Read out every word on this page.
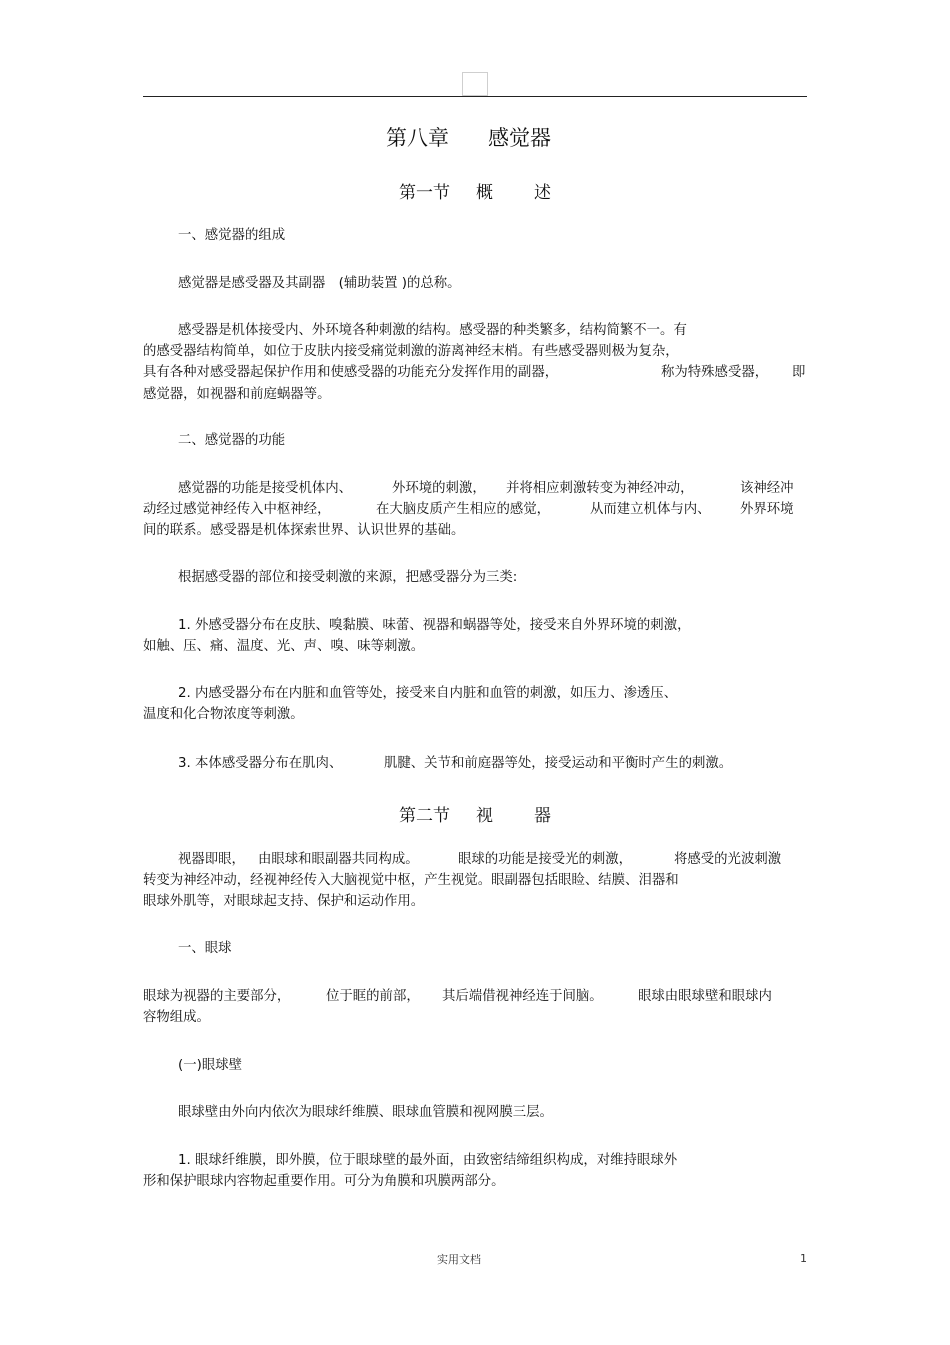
第八章 感觉器
第一节 概 述
一、感觉器的组成
感觉器是感受器及其副器　(辅助装置 )的总称。
感受器是机体接受内、外环境各种刺激的结构。感受器的种类繁多，结构简繁不一。有
的感受器结构简单，如位于皮肤内接受痛觉刺激的游离神经末梢。有些感受器则极为复杂，
具有各种对感受器起保护作用和使感受器的功能充分发挥作用的副器，	称为特殊感受器， 即
感觉器，如视器和前庭蜗器等。
二、感觉器的功能
感觉器的功能是接受机体内、	外环境的刺激， 并将相应刺激转变为神经冲动，	该神经冲
动经过感觉神经传入中枢神经，	在大脑皮质产生相应的感觉，	从而建立机体与内、 外界环境
间的联系。感受器是机体探索世界、认识世界的基础。
根据感受器的部位和接受刺激的来源，把感受器分为三类:
1. 外感受器分布在皮肤、嗅黏膜、味蕾、视器和蜗器等处，接受来自外界环境的刺激，
如触、压、痛、温度、光、声、嗅、味等刺激。
2. 内感受器分布在内脏和血管等处，接受来自内脏和血管的刺激，如压力、渗透压、
温度和化合物浓度等刺激。
3. 本体感受器分布在肌肉、	肌腱、关节和前庭器等处，接受运动和平衡时产生的刺激。
第二节 视 器
视器即眼， 由眼球和眼副器共同构成。	眼球的功能是接受光的刺激，	将感受的光波刺激
转变为神经冲动，经视神经传入大脑视觉中枢，产生视觉。眼副器包括眼睑、结膜、泪器和
眼球外肌等，对眼球起支持、保护和运动作用。
一、眼球
眼球为视器的主要部分，	位于眶的前部， 其后端借视神经连于间脑。	眼球由眼球壁和眼球内
容物组成。
(一)眼球壁
眼球壁由外向内依次为眼球纤维膜、眼球血管膜和视网膜三层。
1. 眼球纤维膜，即外膜，位于眼球壁的最外面，由致密结缔组织构成，对维持眼球外
形和保护眼球内容物起重要作用。可分为角膜和巩膜两部分。
实用文档	1
